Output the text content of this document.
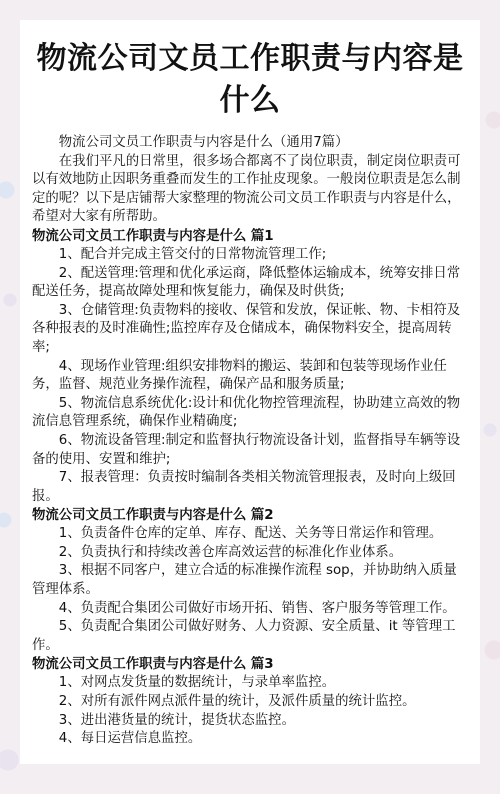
物流公司文员工作职责与内容是什么

物流公司文员工作职责与内容是什么（通用7篇）

在我们平凡的日常里，很多场合都离不了岗位职责，制定岗位职责可以有效地防止因职务重叠而发生的工作扯皮现象。一般岗位职责是怎么制定的呢？以下是店铺帮大家整理的物流公司文员工作职责与内容是什么，希望对大家有所帮助。

物流公司文员工作职责与内容是什么 篇1

1、配合并完成主管交付的日常物流管理工作;

2、配送管理:管理和优化承运商，降低整体运输成本，统筹安排日常配送任务，提高故障处理和恢复能力，确保及时供货;

3、仓储管理:负责物料的接收、保管和发放，保证帐、物、卡相符及各种报表的及时准确性;监控库存及仓储成本，确保物料安全，提高周转率;

4、现场作业管理:组织安排物料的搬运、装卸和包装等现场作业任务，监督、规范业务操作流程，确保产品和服务质量;

5、物流信息系统优化:设计和优化物控管理流程，协助建立高效的物流信息管理系统，确保作业精确度;

6、物流设备管理:制定和监督执行物流设备计划，监督指导车辆等设备的使用、安置和维护;

7、报表管理：负责按时编制各类相关物流管理报表，及时向上级回报。

物流公司文员工作职责与内容是什么 篇2

1、负责备件仓库的定单、库存、配送、关务等日常运作和管理。

2、负责执行和持续改善仓库高效运营的标准化作业体系。

3、根据不同客户，建立合适的标准操作流程 sop，并协助纳入质量管理体系。

4、负责配合集团公司做好市场开拓、销售、客户服务等管理工作。

5、负责配合集团公司做好财务、人力资源、安全质量、it 等管理工作。

物流公司文员工作职责与内容是什么 篇3

1、对网点发货量的数据统计，与录单率监控。

2、对所有派件网点派件量的统计，及派件质量的统计监控。

3、进出港货量的统计，提货状态监控。

4、每日运营信息监控。
